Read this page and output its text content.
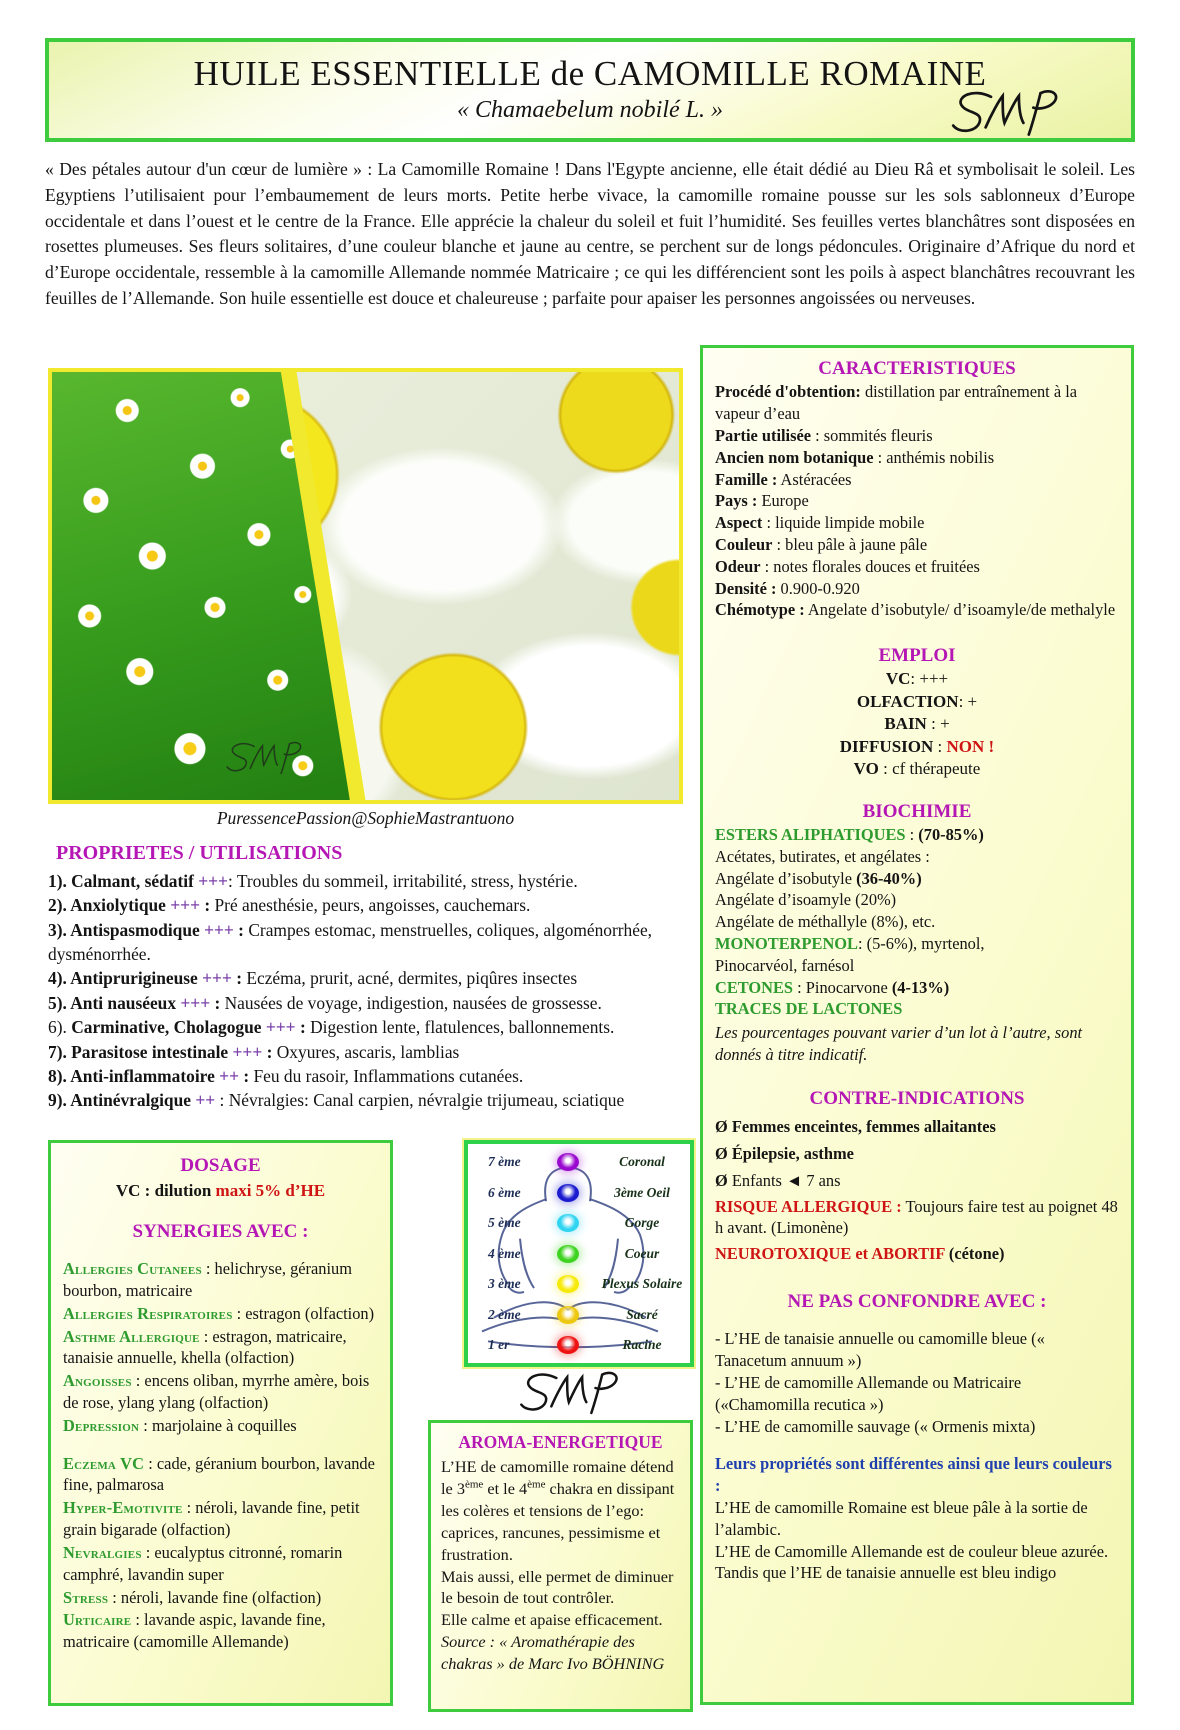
HUILE ESSENTIELLE de CAMOMILLE ROMAINE
« Chamaebelum nobilé L. »
« Des pétales autour d'un cœur de lumière » : La Camomille Romaine ! Dans l'Egypte ancienne, elle était dédié au Dieu Râ et symbolisait le soleil. Les Egyptiens l’utilisaient pour l’embaumement de leurs morts. Petite herbe vivace, la camomille romaine pousse sur les sols sablonneux d’Europe occidentale et dans l’ouest et le centre de la France. Elle apprécie la chaleur du soleil et fuit l’humidité. Ses feuilles vertes blanchâtres sont disposées en rosettes plumeuses. Ses fleurs solitaires, d’une couleur blanche et jaune au centre, se perchent sur de longs pédoncules. Originaire d’Afrique du nord et d’Europe occidentale, ressemble à la camomille Allemande nommée Matricaire ; ce qui les différencient sont les poils à aspect blanchâtres recouvrant les feuilles de l’Allemande. Son huile essentielle est douce et chaleureuse ; parfaite pour apaiser les personnes angoissées ou nerveuses.
PuressencePassion@SophieMastrantuono
PROPRIETES / UTILISATIONS
1). Calmant, sédatif +++: Troubles du sommeil, irritabilité, stress, hystérie.
2). Anxiolytique +++ : Pré anesthésie, peurs, angoisses, cauchemars.
3). Antispasmodique +++ : Crampes estomac, menstruelles, coliques, algoménorrhée, dysménorrhée.
4). Antiprurigineuse +++ : Eczéma, prurit, acné, dermites, piqûres insectes
5). Anti nauséeux +++ : Nausées de voyage, indigestion, nausées de grossesse.
6). Carminative, Cholagogue +++ : Digestion lente, flatulences, ballonnements.
7). Parasitose intestinale +++ : Oxyures, ascaris, lamblias
8). Anti-inflammatoire ++ : Feu du rasoir, Inflammations cutanées.
9). Antinévralgique ++ : Névralgies: Canal carpien, névralgie trijumeau, sciatique
CARACTERISTIQUES
Procédé d'obtention: distillation par entraînement à la vapeur d’eau
Partie utilisée : sommités fleuris
Ancien nom botanique : anthémis nobilis
Famille : Astéracées
Pays : Europe
Aspect : liquide limpide mobile
Couleur : bleu pâle à jaune pâle
Odeur : notes florales douces et fruitées
Densité : 0.900-0.920
Chémotype : Angelate d’isobutyle/ d’isoamyle/de methalyle
EMPLOI
VC: +++
OLFACTION: +
BAIN : +
DIFFUSION : NON !
VO : cf thérapeute
BIOCHIMIE
ESTERS ALIPHATIQUES : (70-85%)
Acétates, butirates, et angélates :
Angélate d’isobutyle (36-40%)
Angélate d’isoamyle (20%)
Angélate de méthallyle (8%), etc.
MONOTERPENOL: (5-6%), myrtenol,
Pinocarvéol, farnésol
CETONES : Pinocarvone (4-13%)
TRACES DE LACTONES
Les pourcentages pouvant varier d’un lot à l’autre, sont donnés à titre indicatif.
CONTRE-INDICATIONS
Ø Femmes enceintes, femmes allaitantes
Ø Épilepsie, asthme
Ø Enfants ◄ 7 ans
RISQUE ALLERGIQUE : Toujours faire test au poignet 48 h avant. (Limonène)
NEUROTOXIQUE et ABORTIF (cétone)
NE PAS CONFONDRE AVEC :
- L’HE de tanaisie annuelle ou camomille bleue (« Tanacetum annuum »)
- L’HE de camomille Allemande ou Matricaire («Chamomilla recutica »)
- L’HE de camomille sauvage (« Ormenis mixta)
Leurs propriétés sont différentes ainsi que leurs couleurs :
L’HE de camomille Romaine est bleue pâle à la sortie de l’alambic.
L’HE de Camomille Allemande est de couleur bleue azurée.
Tandis que l’HE de tanaisie annuelle est bleu indigo
DOSAGE
VC : dilution maxi 5% d’HE
SYNERGIES AVEC :
Allergies Cutanees : helichryse, géranium bourbon, matricaire
Allergies Respiratoires : estragon (olfaction)
Asthme Allergique : estragon, matricaire, tanaisie annuelle, khella (olfaction)
Angoisses : encens oliban, myrrhe amère, bois de rose, ylang ylang (olfaction)
Depression : marjolaine à coquilles
Eczema VC : cade, géranium bourbon, lavande fine, palmarosa
Hyper-Emotivite : néroli, lavande fine, petit grain bigarade (olfaction)
Nevralgies : eucalyptus citronné, romarin camphré, lavandin super
Stress : néroli, lavande fine (olfaction)
Urticaire : lavande aspic, lavande fine, matricaire (camomille Allemande)
7 ème	Coronal
6 ème	3ème Oeil
5 ème	Gorge
4 ème	Coeur
3 ème	Plexus Solaire
2 ème	Sacré
1 er	Racine
AROMA-ENERGETIQUE
L’HE de camomille romaine détend le 3ème et le 4ème chakra en dissipant les colères et tensions de l’ego: caprices, rancunes, pessimisme et frustration.
Mais aussi, elle permet de diminuer le besoin de tout contrôler.
Elle calme et apaise efficacement.
Source : « Aromathérapie des chakras » de Marc Ivo BÖHNING
